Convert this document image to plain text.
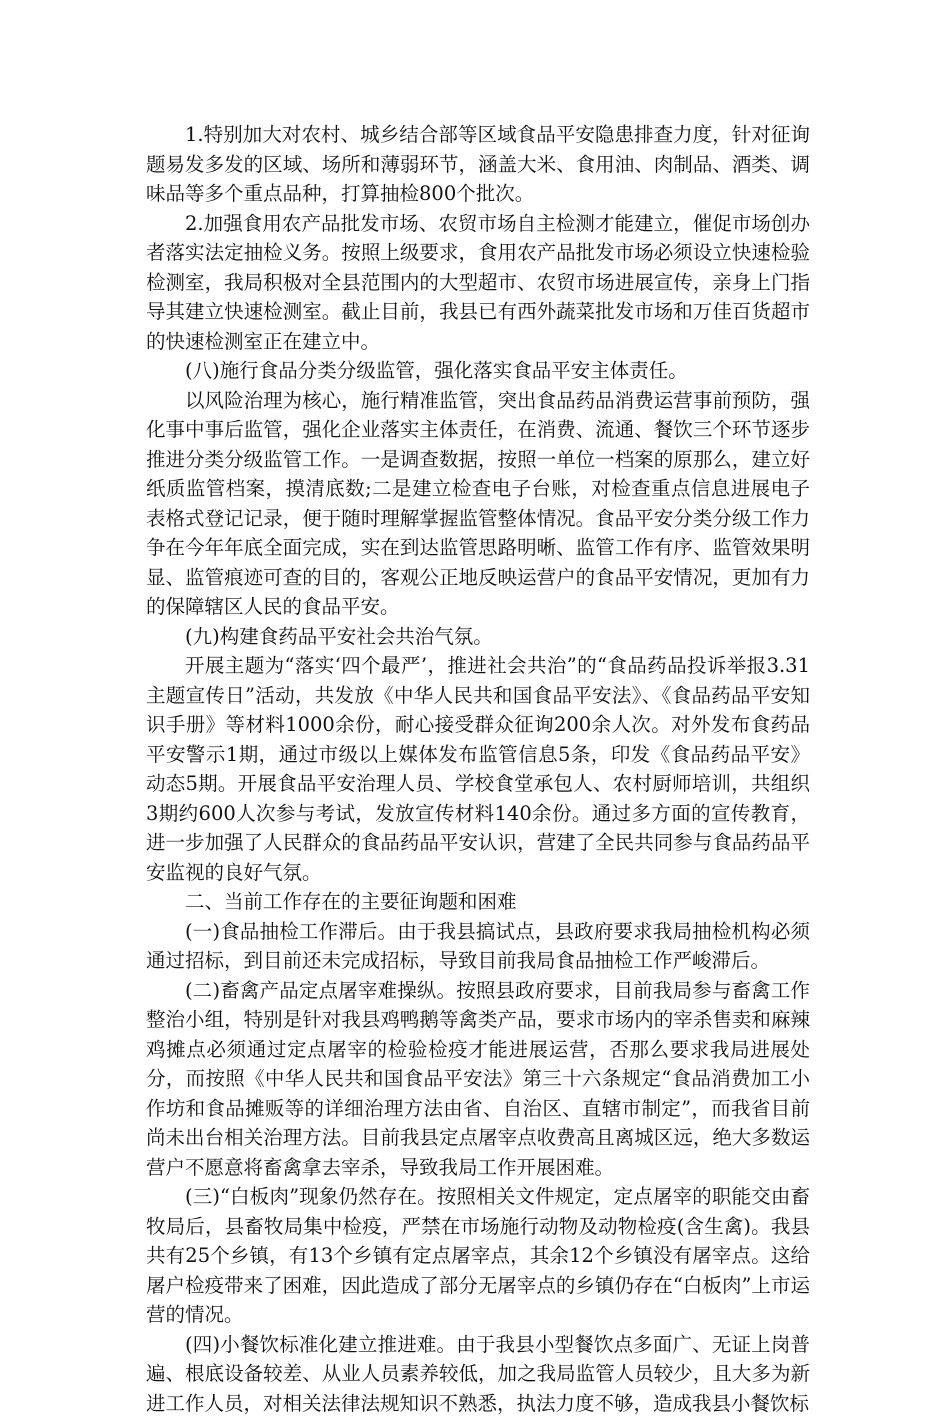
1.特别加大对农村、城乡结合部等区域食品平安隐患排查力度，针对征询题易发多发的区域、场所和薄弱环节，涵盖大米、食用油、肉制品、酒类、调味品等多个重点品种，打算抽检800个批次。

2.加强食用农产品批发市场、农贸市场自主检测才能建立，催促市场创办者落实法定抽检义务。按照上级要求，食用农产品批发市场必须设立快速检验检测室，我局积极对全县范围内的大型超市、农贸市场进展宣传，亲身上门指导其建立快速检测室。截止目前，我县已有西外蔬菜批发市场和万佳百货超市的快速检测室正在建立中。

(八)施行食品分类分级监管，强化落实食品平安主体责任。

以风险治理为核心，施行精准监管，突出食品药品消费运营事前预防，强化事中事后监管，强化企业落实主体责任，在消费、流通、餐饮三个环节逐步推进分类分级监管工作。一是调查数据，按照一单位一档案的原那么，建立好纸质监管档案，摸清底数;二是建立检查电子台账，对检查重点信息进展电子表格式登记记录，便于随时理解掌握监管整体情况。食品平安分类分级工作力争在今年年底全面完成，实在到达监管思路明晰、监管工作有序、监管效果明显、监管痕迹可查的目的，客观公正地反映运营户的食品平安情况，更加有力的保障辖区人民的食品平安。

(九)构建食药品平安社会共治气氛。

开展主题为“落实‘四个最严’，推进社会共治”的“食品药品投诉举报3.31主题宣传日”活动，共发放《中华人民共和国食品平安法》、《食品药品平安知识手册》等材料1000余份，耐心接受群众征询200余人次。对外发布食药品平安警示1期，通过市级以上媒体发布监管信息5条，印发《食品药品平安》动态5期。开展食品平安治理人员、学校食堂承包人、农村厨师培训，共组织3期约600人次参与考试，发放宣传材料140余份。通过多方面的宣传教育，进一步加强了人民群众的食品药品平安认识，营建了全民共同参与食品药品平安监视的良好气氛。

二、当前工作存在的主要征询题和困难

(一)食品抽检工作滞后。由于我县搞试点，县政府要求我局抽检机构必须通过招标，到目前还未完成招标，导致目前我局食品抽检工作严峻滞后。

(二)畜禽产品定点屠宰难操纵。按照县政府要求，目前我局参与畜禽工作整治小组，特别是针对我县鸡鸭鹅等禽类产品，要求市场内的宰杀售卖和麻辣鸡摊点必须通过定点屠宰的检验检疫才能进展运营，否那么要求我局进展处分，而按照《中华人民共和国食品平安法》第三十六条规定“食品消费加工小作坊和食品摊贩等的详细治理方法由省、自治区、直辖市制定”，而我省目前尚未出台相关治理方法。目前我县定点屠宰点收费高且离城区远，绝大多数运营户不愿意将畜禽拿去宰杀，导致我局工作开展困难。

(三)“白板肉”现象仍然存在。按照相关文件规定，定点屠宰的职能交由畜牧局后，县畜牧局集中检疫，严禁在市场施行动物及动物检疫(含生禽)。我县共有25个乡镇，有13个乡镇有定点屠宰点，其余12个乡镇没有屠宰点。这给屠户检疫带来了困难，因此造成了部分无屠宰点的乡镇仍存在“白板肉”上市运营的情况。

(四)小餐饮标准化建立推进难。由于我县小型餐饮点多面广、无证上岗普遍、根底设备较差、从业人员素养较低，加之我局监管人员较少，且大多为新进工作人员，对相关法律法规知识不熟悉，执法力度不够，造成我县小餐饮标
